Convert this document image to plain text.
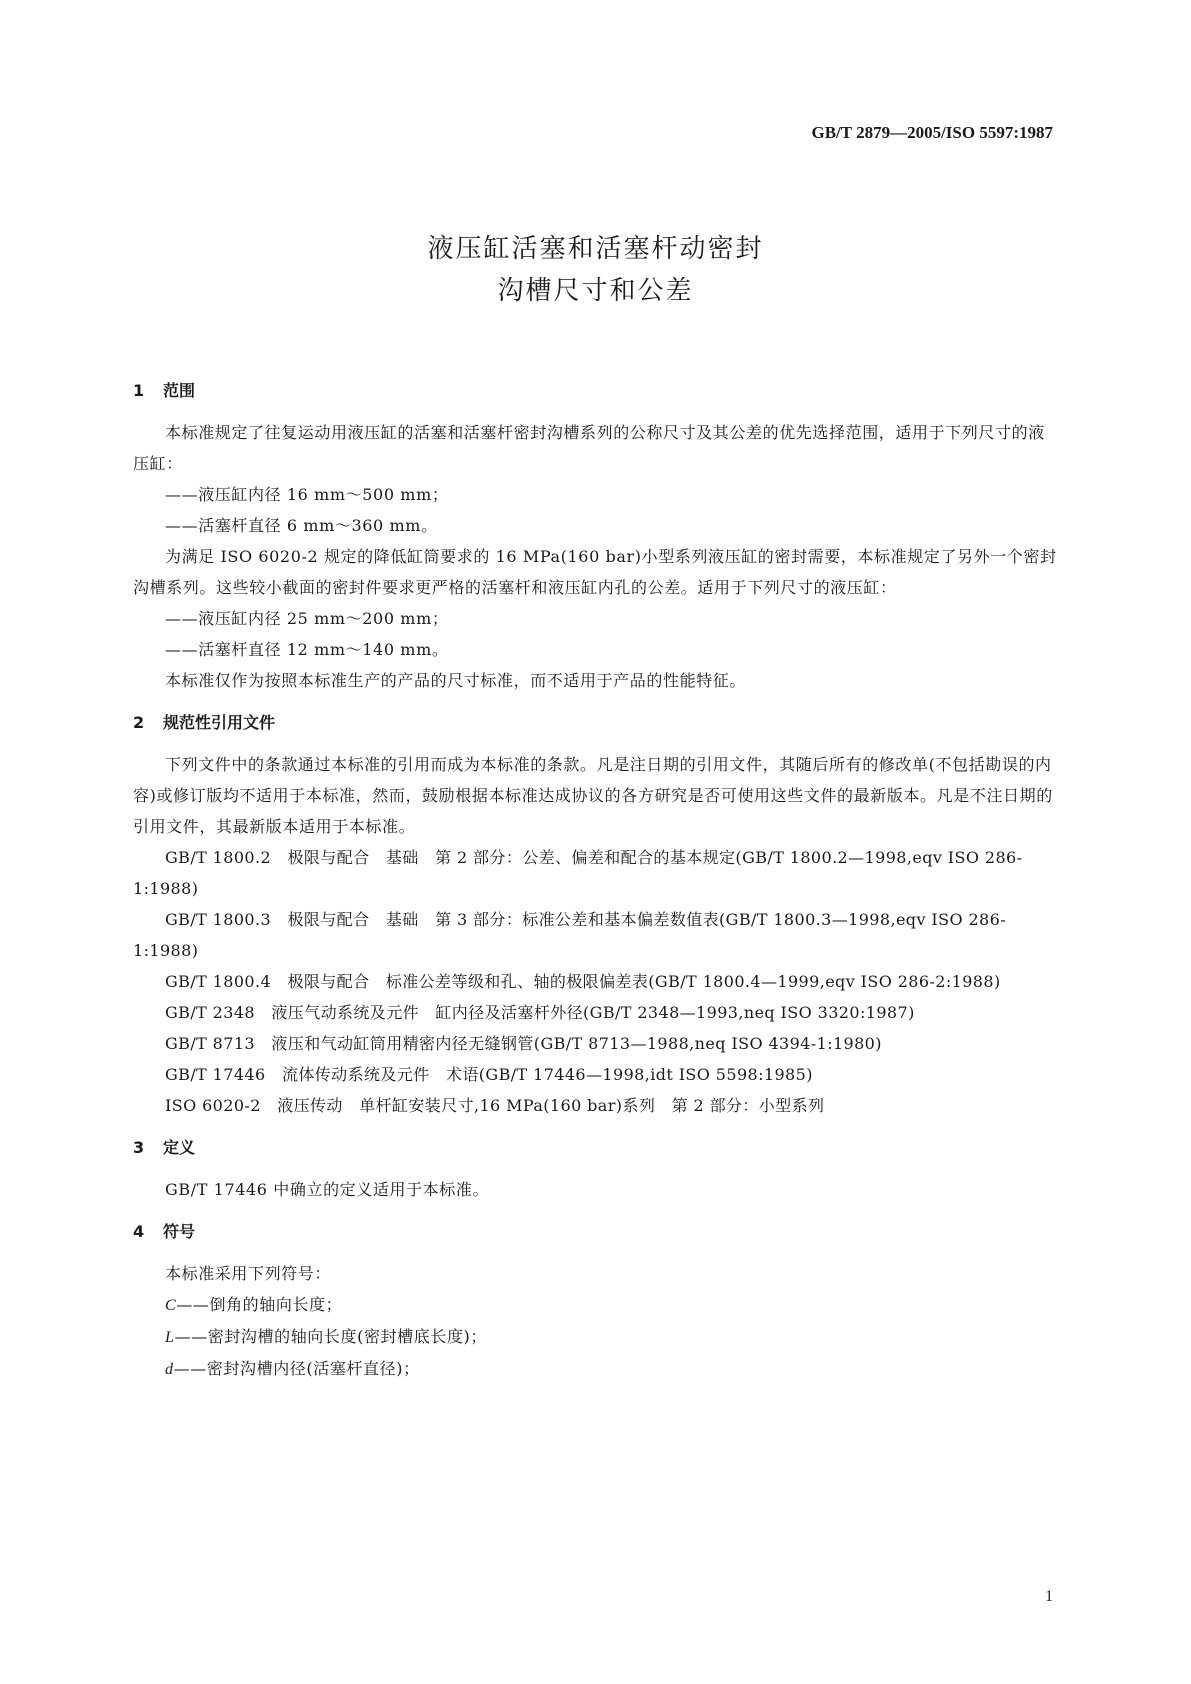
GB/T 2879—2005/ISO 5597:1987
液压缸活塞和活塞杆动密封
沟槽尺寸和公差
1 范围

本标准规定了往复运动用液压缸的活塞和活塞杆密封沟槽系列的公称尺寸及其公差的优先选择范围，适用于下列尺寸的液压缸：

——液压缸内径 16 mm～500 mm；

——活塞杆直径 6 mm～360 mm。

为满足 ISO 6020-2 规定的降低缸筒要求的 16 MPa(160 bar)小型系列液压缸的密封需要，本标准规定了另外一个密封沟槽系列。这些较小截面的密封件要求更严格的活塞杆和液压缸内孔的公差。适用于下列尺寸的液压缸：

——液压缸内径 25 mm～200 mm；

——活塞杆直径 12 mm～140 mm。

本标准仅作为按照本标准生产的产品的尺寸标准，而不适用于产品的性能特征。

2 规范性引用文件

下列文件中的条款通过本标准的引用而成为本标准的条款。凡是注日期的引用文件，其随后所有的修改单(不包括勘误的内容)或修订版均不适用于本标准，然而，鼓励根据本标准达成协议的各方研究是否可使用这些文件的最新版本。凡是不注日期的引用文件，其最新版本适用于本标准。

GB/T 1800.2　极限与配合　基础　第 2 部分：公差、偏差和配合的基本规定(GB/T 1800.2—1998,eqv ISO 286-1:1988)

GB/T 1800.3　极限与配合　基础　第 3 部分：标准公差和基本偏差数值表(GB/T 1800.3—1998,eqv ISO 286-1:1988)

GB/T 1800.4　极限与配合　标准公差等级和孔、轴的极限偏差表(GB/T 1800.4—1999,eqv ISO 286-2:1988)

GB/T 2348　液压气动系统及元件　缸内径及活塞杆外径(GB/T 2348—1993,neq ISO 3320:1987)

GB/T 8713　液压和气动缸筒用精密内径无缝钢管(GB/T 8713—1988,neq ISO 4394-1:1980)

GB/T 17446　流体传动系统及元件　术语(GB/T 17446—1998,idt ISO 5598:1985)

ISO 6020-2　液压传动　单杆缸安装尺寸,16 MPa(160 bar)系列　第 2 部分：小型系列

3 定义

GB/T 17446 中确立的定义适用于本标准。

4 符号

本标准采用下列符号：

C——倒角的轴向长度；

L——密封沟槽的轴向长度(密封槽底长度)；

d——密封沟槽内径(活塞杆直径)；

1
